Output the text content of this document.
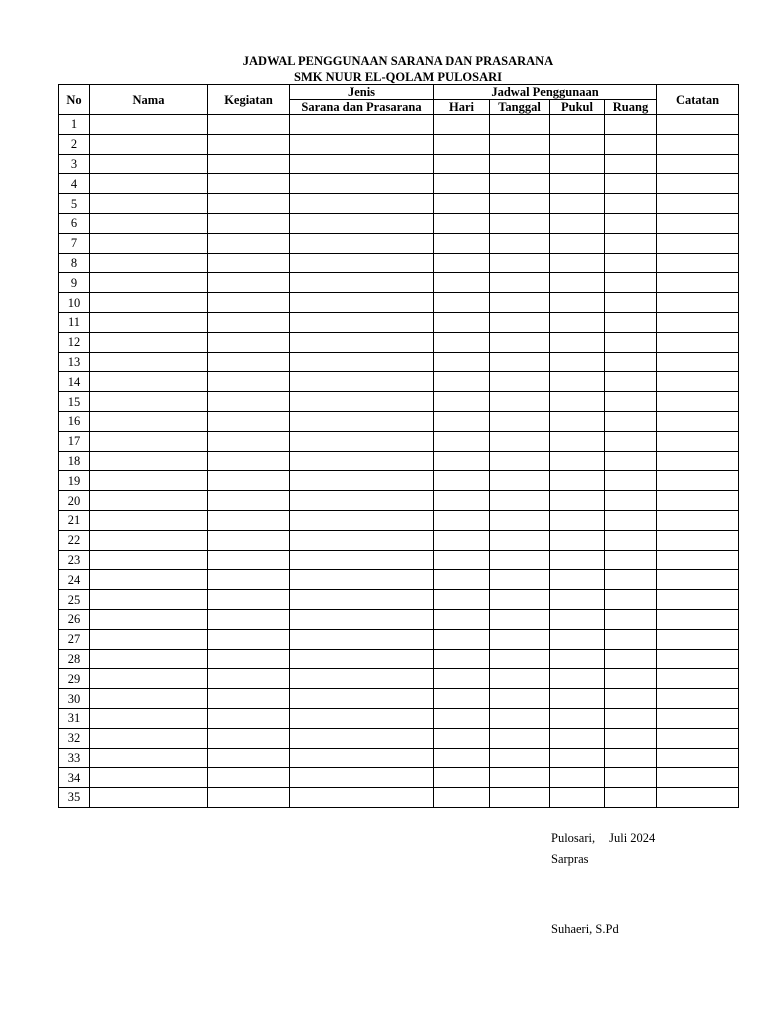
JADWAL PENGGUNAAN SARANA DAN PRASARANA
SMK NUUR EL-QOLAM PULOSARI
No	Nama	Kegiatan	Jenis	Jadwal Penggunaan				Catatan
			Sarana dan Prasarana	Hari	Tanggal	Pukul	Ruang	
1								
2								
3								
4								
5								
6								
7								
8								
9								
10								
11								
12								
13								
14								
15								
16								
17								
18								
19								
20								
21								
22								
23								
24								
25								
26								
27								
28								
29								
30								
31								
32								
33								
34								
35								
Pulosari, Juli 2024
Sarpras
Suhaeri, S.Pd
